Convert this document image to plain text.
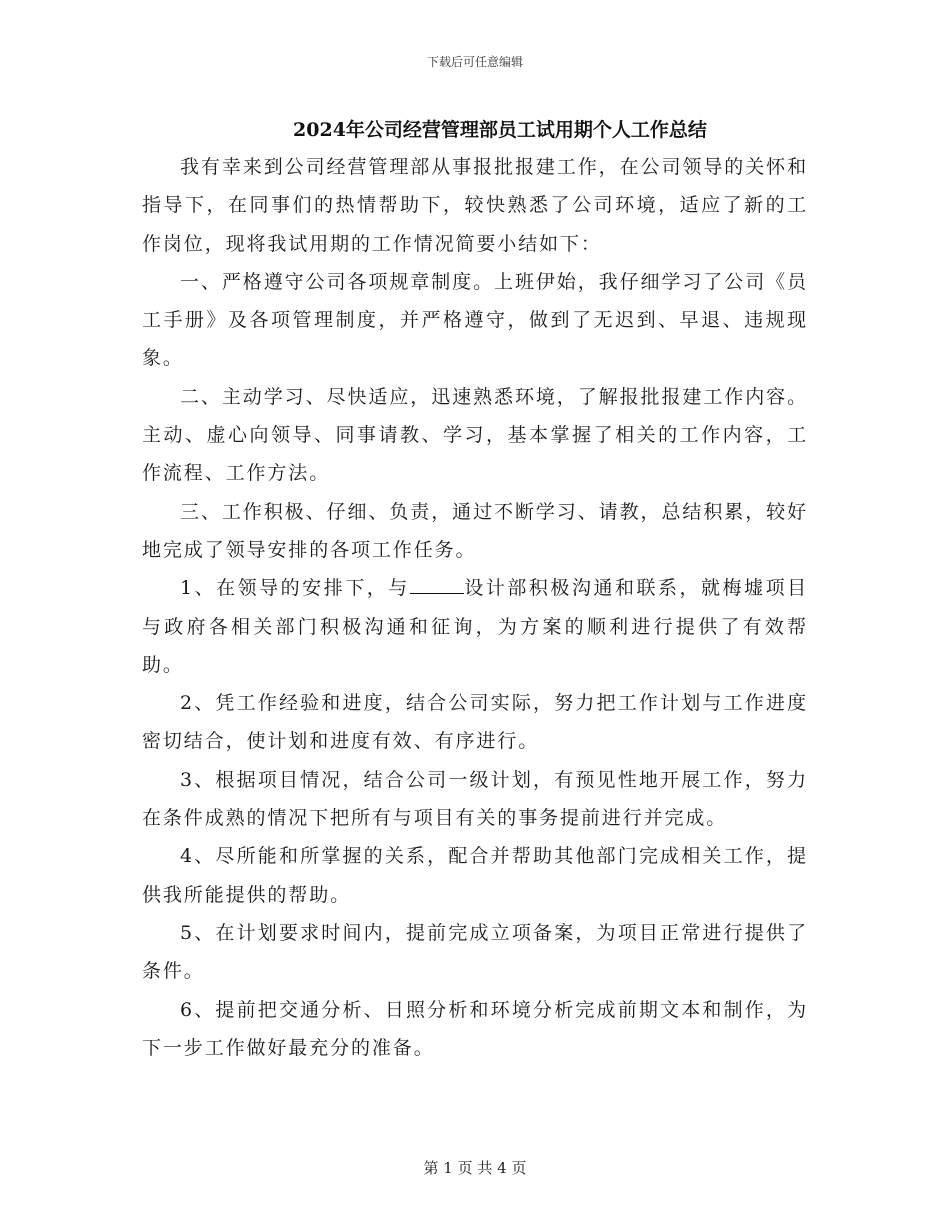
下载后可任意编辑
2024年公司经营管理部员工试用期个人工作总结

我有幸来到公司经营管理部从事报批报建工作，在公司领导的关怀和指导下，在同事们的热情帮助下，较快熟悉了公司环境，适应了新的工作岗位，现将我试用期的工作情况简要小结如下：

一、严格遵守公司各项规章制度。上班伊始，我仔细学习了公司《员工手册》及各项管理制度，并严格遵守，做到了无迟到、早退、违规现象。

二、主动学习、尽快适应，迅速熟悉环境，了解报批报建工作内容。主动、虚心向领导、同事请教、学习，基本掌握了相关的工作内容，工作流程、工作方法。

三、工作积极、仔细、负责，通过不断学习、请教，总结积累，较好地完成了领导安排的各项工作任务。

1、在领导的安排下，与	设计部积极沟通和联系，就梅墟项目与政府各相关部门积极沟通和征询，为方案的顺利进行提供了有效帮助。

2、凭工作经验和进度，结合公司实际，努力把工作计划与工作进度密切结合，使计划和进度有效、有序进行。

3、根据项目情况，结合公司一级计划，有预见性地开展工作，努力在条件成熟的情况下把所有与项目有关的事务提前进行并完成。

4、尽所能和所掌握的关系，配合并帮助其他部门完成相关工作，提供我所能提供的帮助。

5、在计划要求时间内，提前完成立项备案，为项目正常进行提供了条件。

6、提前把交通分析、日照分析和环境分析完成前期文本和制作，为下一步工作做好最充分的准备。

第 1 页 共 4 页
